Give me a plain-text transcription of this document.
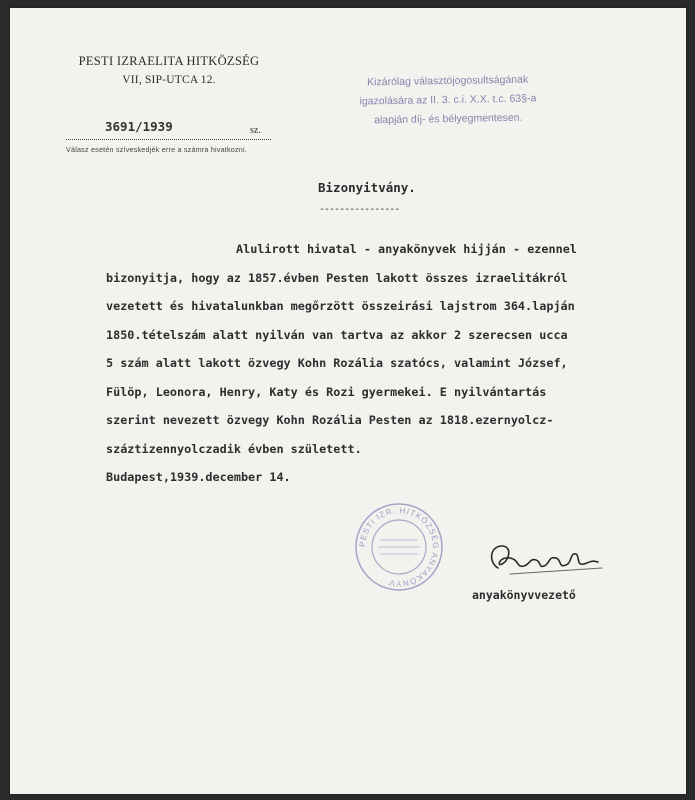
PESTI IZRAELITA HITKÖZSÉG
VII, SIP-UTCA 12.
3691/1939	sz.
Válasz esetén szíveskedjék erre a számra hivatkozni.
Kizárólag választójogosultságának
igazolására az II. 3. c.i. X.X. t.c. 63§-a
alapján díj- és bélyegmentesen.
Bizonyitvány.
----------------
Alulirott hivatal - anyakönyvek hijján - ezennel
bizonyitja, hogy az 1857.évben Pesten lakott összes izraelitákról
vezetett és hivatalunkban megőrzött összeirási lajstrom 364.lapján
1850.tételszám alatt nyilván van tartva az akkor 2 szerecsen ucca
5 szám alatt lakott özvegy Kohn Rozália szatócs, valamint József,
Fülöp, Leonora, Henry, Katy és Rozi gyermekei. E nyilvántartás
szerint nevezett özvegy Kohn Rozália Pesten az 1818.ezernyolcz-
száztizennyolczadik évben született.
Budapest,1939.december 14.
PESTI IZR. HITKÖZSÉG ANYAKÖNYV
anyakönyvvezető
